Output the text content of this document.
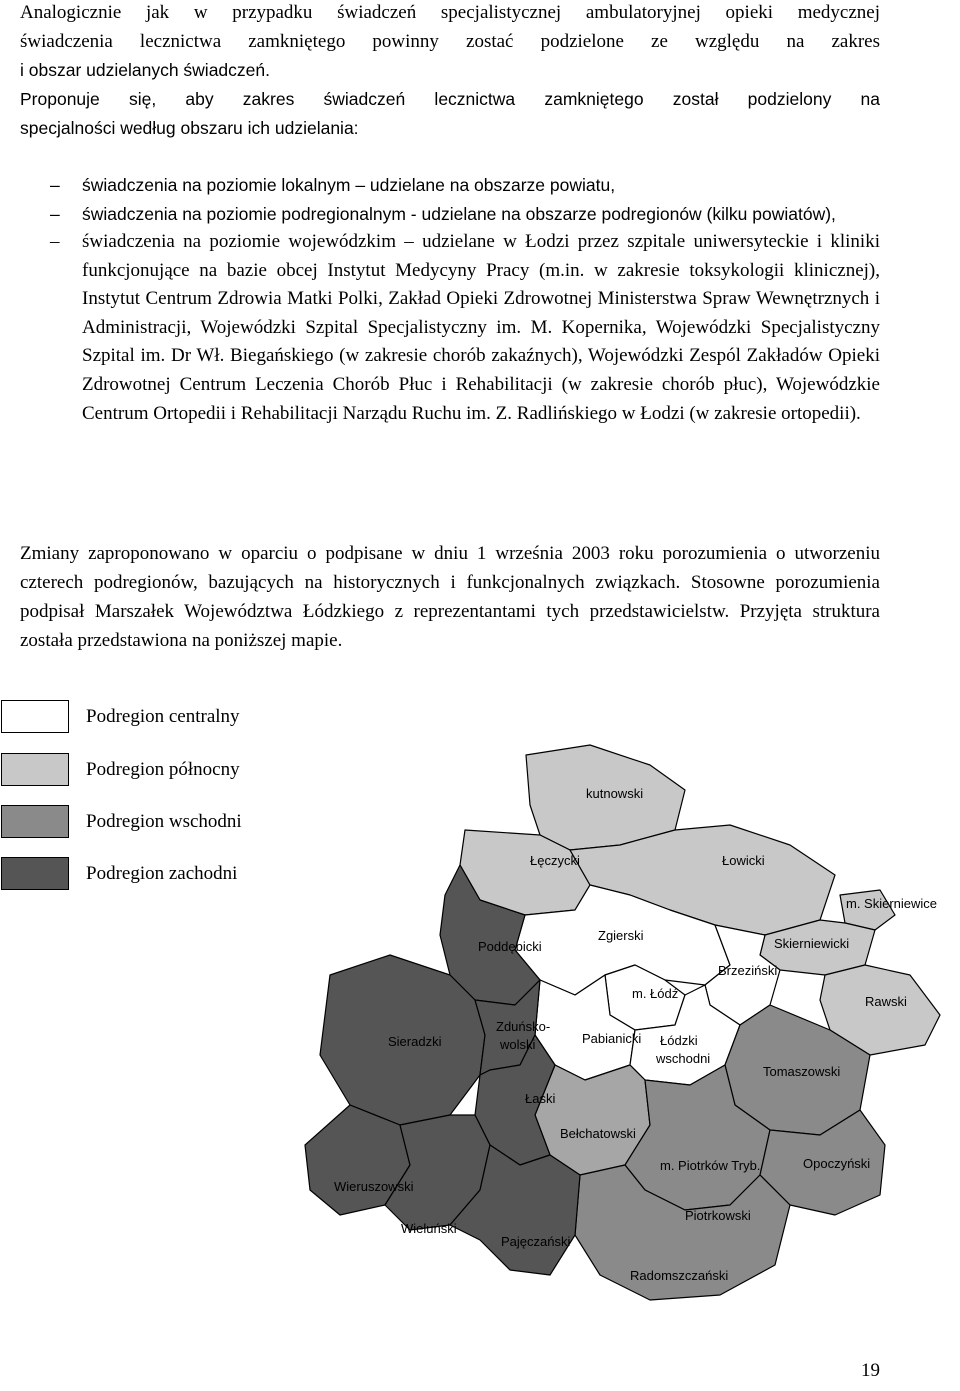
Analogicznie jak w przypadku świadczeń specjalistycznej ambulatoryjnej opieki medycznej
świadczenia lecznictwa zamkniętego powinny zostać podzielone ze względu na zakres
i obszar udzielanych świadczeń.
Proponuje się, aby zakres świadczeń lecznictwa zamkniętego został podzielony na
specjalności według obszaru ich udzielania:
– świadczenia na poziomie lokalnym – udzielane na obszarze powiatu,
– świadczenia na poziomie podregionalnym - udzielane na obszarze podregionów (kilku powiatów),
– świadczenia na poziomie wojewódzkim – udzielane w Łodzi przez szpitale uniwersyteckie i kliniki funkcjonujące na bazie obcej Instytut Medycyny Pracy (m.in. w zakresie toksykologii klinicznej), Instytut Centrum Zdrowia Matki Polki, Zakład Opieki Zdrowotnej Ministerstwa Spraw Wewnętrznych i Administracji, Wojewódzki Szpital Specjalistyczny im. M. Kopernika, Wojewódzki Specjalistyczny Szpital im. Dr Wł. Biegańskiego (w zakresie chorób zakaźnych), Wojewódzki Zespól Zakładów Opieki Zdrowotnej Centrum Leczenia Chorób Płuc i Rehabilitacji (w zakresie chorób płuc), Wojewódzkie Centrum Ortopedii i Rehabilitacji Narządu Ruchu im. Z. Radlińskiego w Łodzi (w zakresie ortopedii).
Zmiany zaproponowano w oparciu o podpisane w dniu 1 września 2003 roku porozumienia o utworzeniu czterech podregionów, bazujących na historycznych i funkcjonalnych związkach. Stosowne porozumienia podpisał Marszałek Województwa Łódzkiego z reprezentantami tych przedstawicielstw. Przyjęta struktura została przedstawiona na poniższej mapie.
Podregion centralny
Podregion północny
Podregion wschodni
Podregion zachodni
kutnowski
Łęczycki	Łowicki
m. Skierniewice
Skierniewicki
Zgierski
Brzeziński
m. Łódź
Rawski
Poddębicki
Sieradzki
Zduńsko-
wolski	Pabianicki Łódzki
wschodni
Tomaszowski
Łaski
Bełchatowski
m. Piotrków Tryb.	Opoczyński
Wieruszowski
Wieluński
Pajęczański
Piotrkowski
Radomszczański
19
